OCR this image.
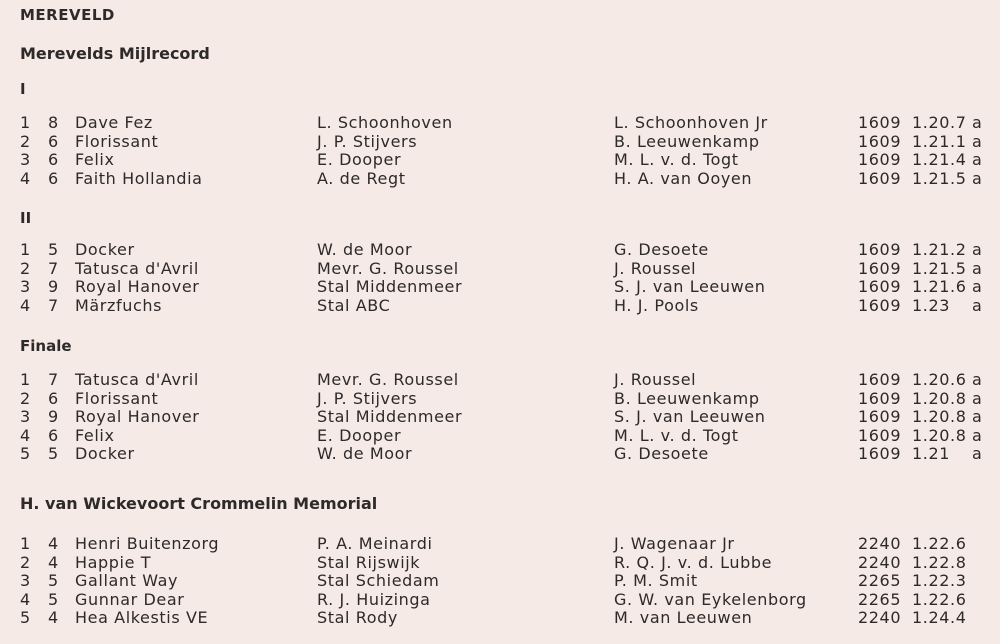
MEREVELD
Merevelds Mijlrecord
I
1 8 Dave Fez	L. Schoonhoven	L. Schoonhoven Jr	1609 1.20.7 a
2 6 Florissant	J. P. Stijvers	B. Leeuwenkamp	1609 1.21.1 a
3 6 Felix	E. Dooper	M. L. v. d. Togt	1609 1.21.4 a
4 6 Faith Hollandia	A. de Regt	H. A. van Ooyen	1609 1.21.5 a
II
1 5 Docker	W. de Moor	G. Desoete	1609 1.21.2 a
2 7 Tatusca d'Avril	Mevr. G. Roussel	J. Roussel	1609 1.21.5 a
3 9 Royal Hanover	Stal Middenmeer	S. J. van Leeuwen	1609 1.21.6 a
4 7 Märzfuchs	Stal ABC	H. J. Pools	1609 1.23 a
Finale
1 7 Tatusca d'Avril	Mevr. G. Roussel	J. Roussel	1609 1.20.6 a
2 6 Florissant	J. P. Stijvers	B. Leeuwenkamp	1609 1.20.8 a
3 9 Royal Hanover	Stal Middenmeer	S. J. van Leeuwen	1609 1.20.8 a
4 6 Felix	E. Dooper	M. L. v. d. Togt	1609 1.20.8 a
5 5 Docker	W. de Moor	G. Desoete	1609 1.21 a
H. van Wickevoort Crommelin Memorial
1 4 Henri Buitenzorg	P. A. Meinardi	J. Wagenaar Jr	2240 1.22.6
2 4 Happie T	Stal Rijswijk	R. Q. J. v. d. Lubbe	2240 1.22.8
3 5 Gallant Way	Stal Schiedam	P. M. Smit	2265 1.22.3
4 5 Gunnar Dear	R. J. Huizinga	G. W. van Eykelenborg	2265 1.22.6
5 4 Hea Alkestis VE	Stal Rody	M. van Leeuwen	2240 1.24.4
